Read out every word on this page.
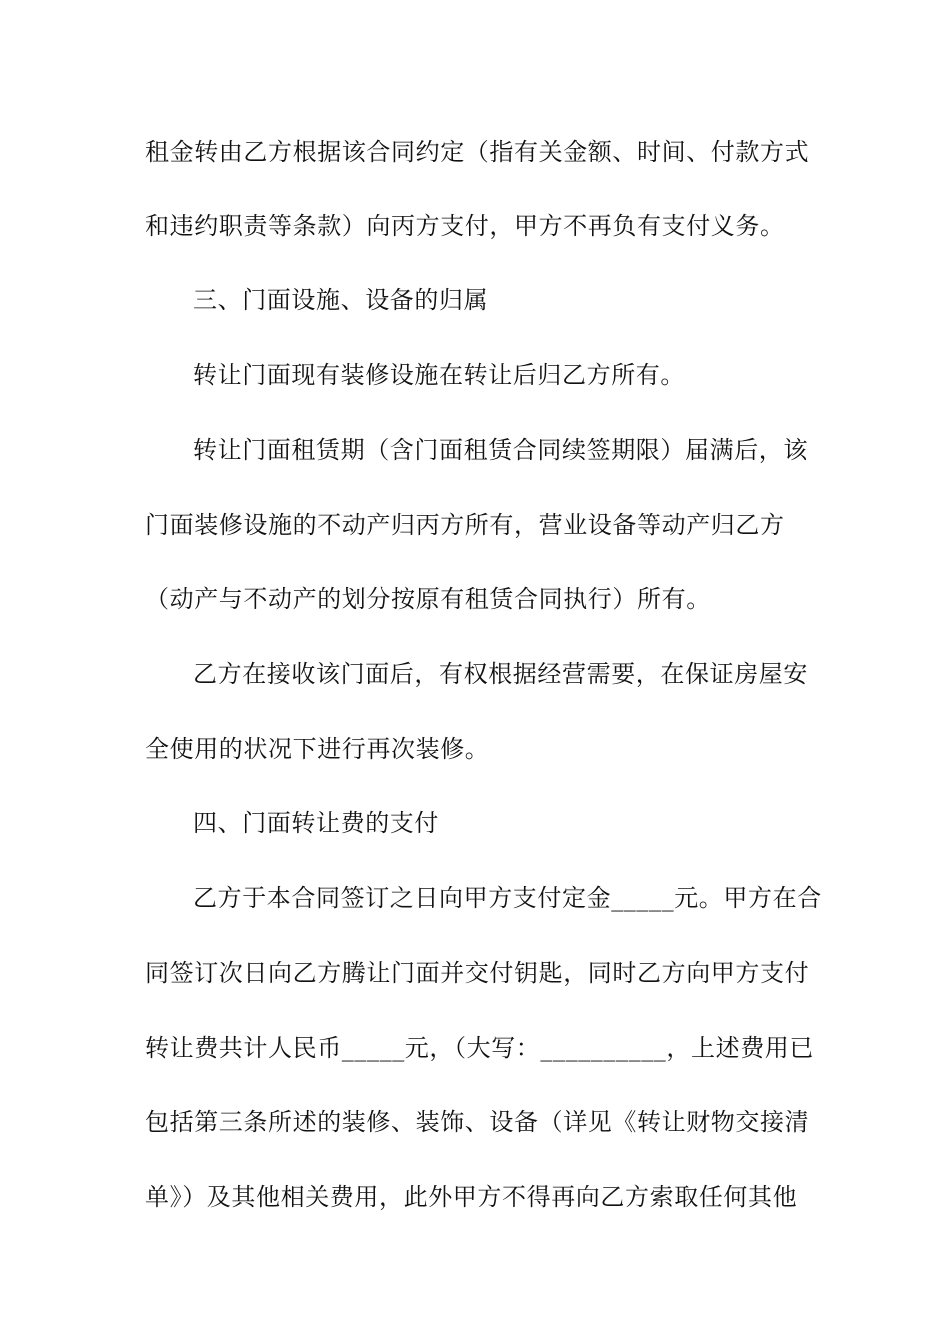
租金转由乙方根据该合同约定（指有关金额、时间、付款方式
和违约职责等条款）向丙方支付，甲方不再负有支付义务。
三、门面设施、设备的归属
转让门面现有装修设施在转让后归乙方所有。
转让门面租赁期（含门面租赁合同续签期限）届满后，该
门面装修设施的不动产归丙方所有，营业设备等动产归乙方
（动产与不动产的划分按原有租赁合同执行）所有。
乙方在接收该门面后，有权根据经营需要，在保证房屋安
全使用的状况下进行再次装修。
四、门面转让费的支付
乙方于本合同签订之日向甲方支付定金_____元。甲方在合
同签订次日向乙方腾让门面并交付钥匙，同时乙方向甲方支付
转让费共计人民币_____元，（大写：__________，上述费用已
包括第三条所述的装修、装饰、设备（详见《转让财物交接清
单》）及其他相关费用，此外甲方不得再向乙方索取任何其他
